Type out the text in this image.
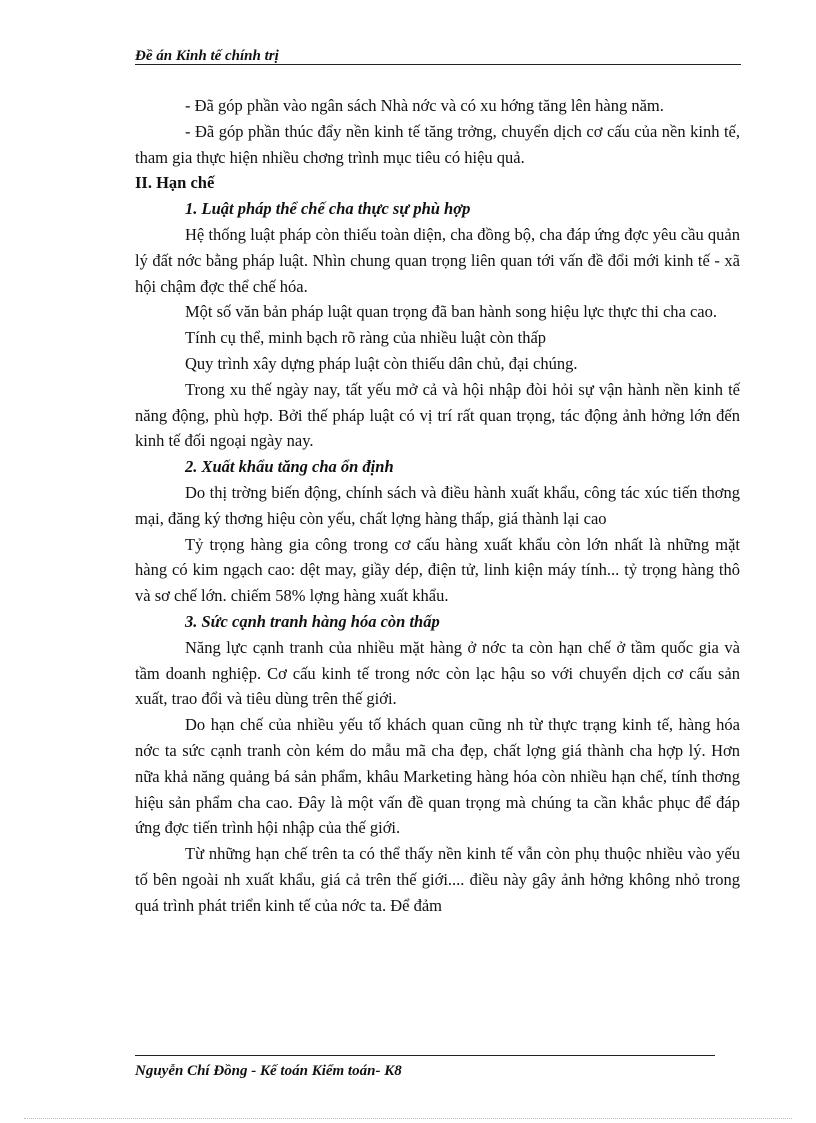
Đề án Kinh tế chính trị

- Đã góp phần vào ngân sách Nhà nớc và có xu hớng tăng lên hàng năm.

- Đã góp phần thúc đẩy nền kinh tế tăng trởng, chuyển dịch cơ cấu của nền kinh tế, tham gia thực hiện nhiều chơng trình mục tiêu có hiệu quả.

II. Hạn chế

1. Luật pháp thể chế cha thực sự phù hợp

Hệ thống luật pháp còn thiếu toàn diện, cha đồng bộ, cha đáp ứng đợc yêu cầu quản lý đất nớc bằng pháp luật. Nhìn chung quan trọng liên quan tới vấn đề đổi mới kinh tế - xã hội chậm đợc thể chế hóa.

Một số văn bản pháp luật quan trọng đã ban hành song hiệu lực thực thi cha cao.

Tính cụ thể, minh bạch rõ ràng của nhiều luật còn thấp

Quy trình xây dựng pháp luật còn thiếu dân chủ, đại chúng.

Trong xu thế ngày nay, tất yếu mở cả và hội nhập đòi hỏi sự vận hành nền kinh tế năng động, phù hợp. Bởi thế pháp luật có vị trí rất quan trọng, tác động ảnh hởng lớn đến kinh tế đối ngoại ngày nay.

2. Xuất khẩu tăng cha ổn định

Do thị trờng biến động, chính sách và điều hành xuất khẩu, công tác xúc tiến thơng mại, đăng ký thơng hiệu còn yếu, chất lợng hàng thấp, giá thành lại cao

Tỷ trọng hàng gia công trong cơ cấu hàng xuất khẩu còn lớn nhất là những mặt hàng có kim ngạch cao: dệt may, giầy dép, điện tử, linh kiện máy tính... tỷ trọng hàng thô và sơ chế lớn. chiếm 58% lợng hàng xuất khẩu.

3. Sức cạnh tranh hàng hóa còn thấp

Năng lực cạnh tranh của nhiều mặt hàng ở nớc ta còn hạn chế ở tầm quốc gia và tầm doanh nghiệp. Cơ cấu kinh tế trong nớc còn lạc hậu so với chuyển dịch cơ cấu sản xuất, trao đổi và tiêu dùng trên thế giới.

Do hạn chế của nhiều yếu tố khách quan cũng nh từ thực trạng kinh tế, hàng hóa nớc ta sức cạnh tranh còn kém do mẫu mã cha đẹp, chất lợng giá thành cha hợp lý. Hơn nữa khả năng quảng bá sản phẩm, khâu Marketing hàng hóa còn nhiều hạn chế, tính thơng hiệu sản phẩm cha cao. Đây là một vấn đề quan trọng mà chúng ta cần khắc phục để đáp ứng đợc tiến trình hội nhập của thế giới.

Từ những hạn chế trên ta có thể thấy nền kinh tế vẫn còn phụ thuộc nhiều vào yếu tố bên ngoài nh xuất khẩu, giá cả trên thế giới.... điều này gây ảnh hởng không nhỏ trong quá trình phát triển kinh tế của nớc ta. Để đảm

Nguyễn Chí Đồng - Kế toán Kiểm toán- K8
